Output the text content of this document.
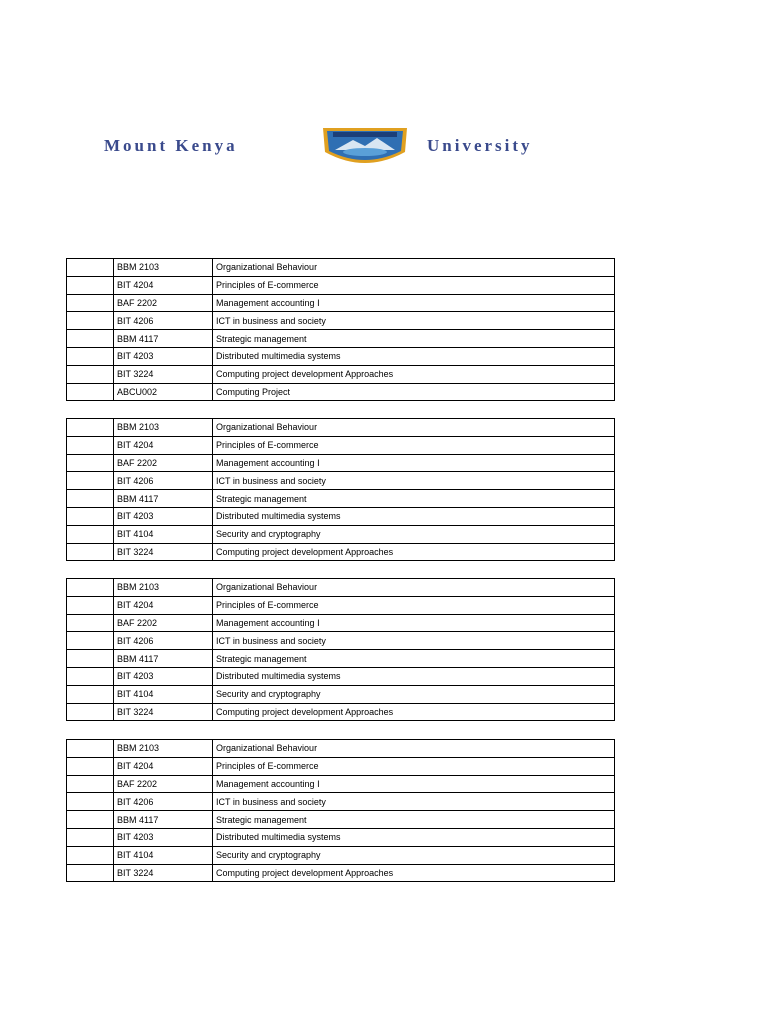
Mount Kenya	University
	BBM 2103	Organizational Behaviour
	BIT 4204	Principles of E-commerce
	BAF 2202	Management accounting I
	BIT 4206	ICT in business and society
	BBM 4117	Strategic management
	BIT 4203	Distributed multimedia systems
	BIT 3224	Computing project development Approaches
	ABCU002	Computing Project
	BBM 2103	Organizational Behaviour
	BIT 4204	Principles of E-commerce
	BAF 2202	Management accounting I
	BIT 4206	ICT in business and society
	BBM 4117	Strategic management
	BIT 4203	Distributed multimedia systems
	BIT 4104	Security and cryptography
	BIT 3224	Computing project development Approaches
	BBM 2103	Organizational Behaviour
	BIT 4204	Principles of E-commerce
	BAF 2202	Management accounting I
	BIT 4206	ICT in business and society
	BBM 4117	Strategic management
	BIT 4203	Distributed multimedia systems
	BIT 4104	Security and cryptography
	BIT 3224	Computing project development Approaches
	BBM 2103	Organizational Behaviour
	BIT 4204	Principles of E-commerce
	BAF 2202	Management accounting I
	BIT 4206	ICT in business and society
	BBM 4117	Strategic management
	BIT 4203	Distributed multimedia systems
	BIT 4104	Security and cryptography
	BIT 3224	Computing project development Approaches
